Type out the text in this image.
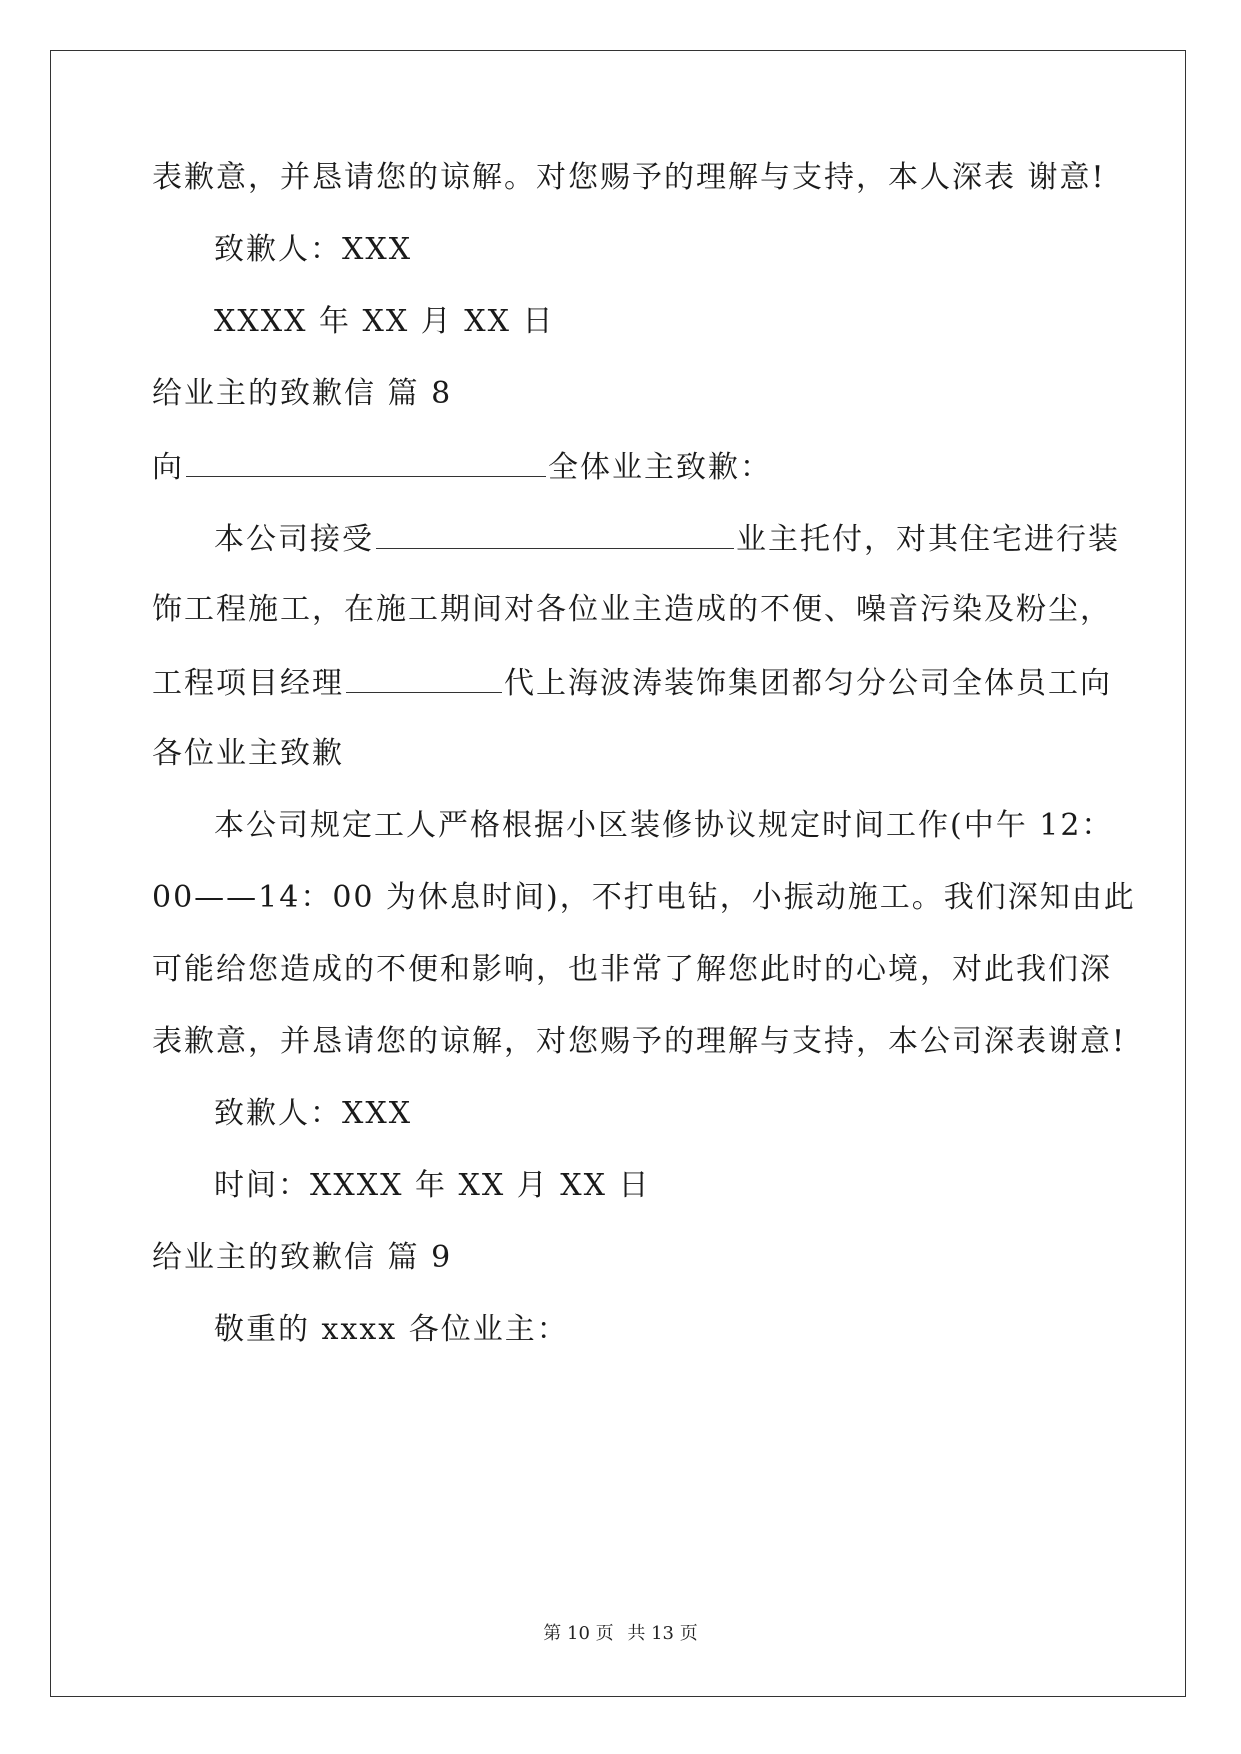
表歉意，并恳请您的谅解。对您赐予的理解与支持，本人深表 谢意!
致歉人：XXX
XXXX 年 XX 月 XX 日
给业主的致歉信 篇 8
向	全体业主致歉：
本公司接受	业主托付，对其住宅进行装
饰工程施工，在施工期间对各位业主造成的不便、噪音污染及粉尘，
工程项目经理	代上海波涛装饰集团都匀分公司全体员工向
各位业主致歉
本公司规定工人严格根据小区装修协议规定时间工作(中午 12：
00——14：00 为休息时间)，不打电钻，小振动施工。我们深知由此
可能给您造成的不便和影响，也非常了解您此时的心境，对此我们深
表歉意，并恳请您的谅解，对您赐予的理解与支持，本公司深表谢意!
致歉人：XXX
时间：XXXX 年 XX 月 XX 日
给业主的致歉信 篇 9
敬重的 xxxx 各位业主：
第 10 页 共 13 页
